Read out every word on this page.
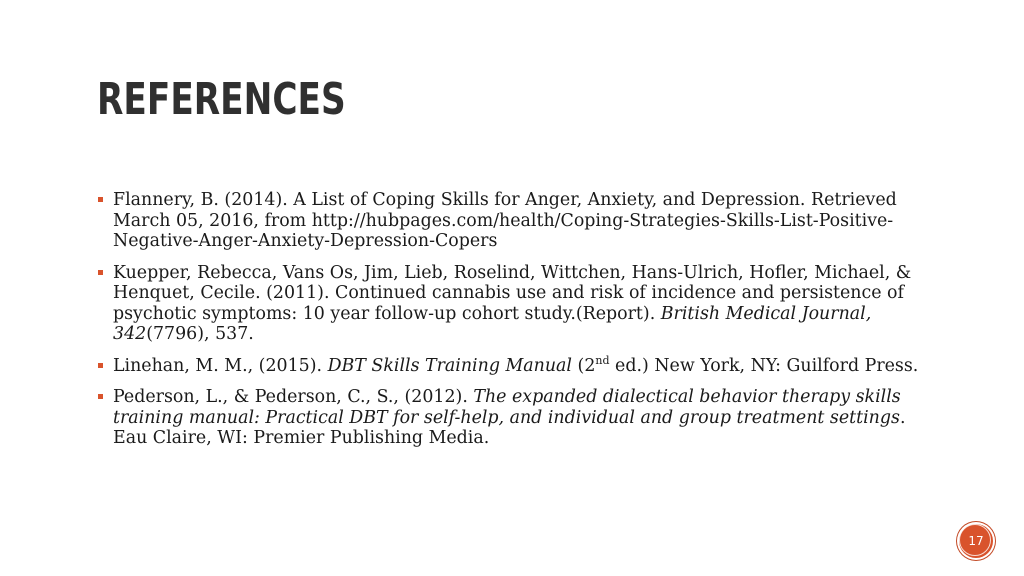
REFERENCES
Flannery, B. (2014). A List of Coping Skills for Anger, Anxiety, and Depression. Retrieved March 05, 2016, from http://hubpages.com/health/Coping-Strategies-Skills-List-Positive-Negative-Anger-Anxiety-Depression-Copers
Kuepper, Rebecca, Vans Os, Jim, Lieb, Roselind, Wittchen, Hans-Ulrich, Hofler, Michael, & Henquet, Cecile. (2011). Continued cannabis use and risk of incidence and persistence of psychotic symptoms: 10 year follow-up cohort study.(Report). British Medical Journal, 342(7796), 537.
Linehan, M. M., (2015). DBT Skills Training Manual (2nd ed.) New York, NY: Guilford Press.
Pederson, L., & Pederson, C., S., (2012). The expanded dialectical behavior therapy skills training manual: Practical DBT for self-help, and individual and group treatment settings. Eau Claire, WI: Premier Publishing Media.
17
